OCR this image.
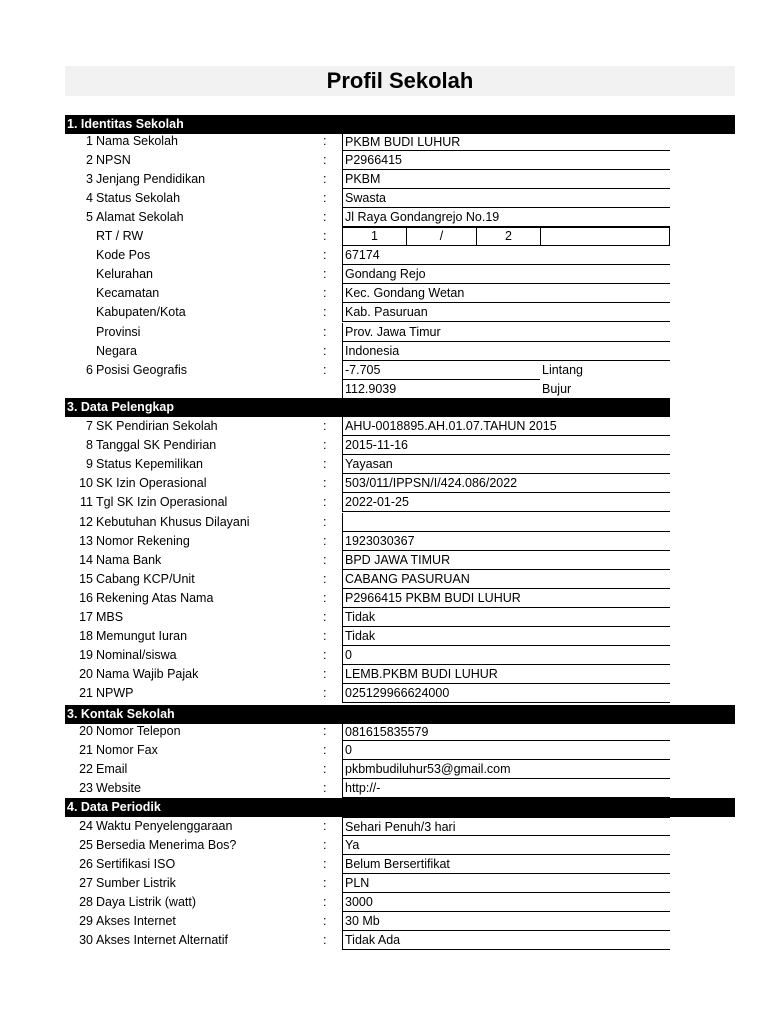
Profil Sekolah
1. Identitas Sekolah
1 Nama Sekolah	: PKBM BUDI LUHUR
2 NPSN	: P2966415
3 Jenjang Pendidikan	: PKBM
4 Status Sekolah	: Swasta
5 Alamat Sekolah	: Jl Raya Gondangrejo No.19
RT / RW	:	1	/	2
Kode Pos	: 67174
Kelurahan	: Gondang Rejo
Kecamatan	: Kec. Gondang Wetan
Kabupaten/Kota	: Kab. Pasuruan
Provinsi	: Prov. Jawa Timur
Negara	: Indonesia
6 Posisi Geografis	: -7.705	Lintang
112.9039	Bujur
3. Data Pelengkap
7 SK Pendirian Sekolah	: AHU-0018895.AH.01.07.TAHUN 2015
8 Tanggal SK Pendirian	: 2015-11-16
9 Status Kepemilikan	: Yayasan
10 SK Izin Operasional	: 503/011/IPPSN/I/424.086/2022
11 Tgl SK Izin Operasional	: 2022-01-25
12 Kebutuhan Khusus Dilayani	:
13 Nomor Rekening	: 1923030367
14 Nama Bank	: BPD JAWA TIMUR
15 Cabang KCP/Unit	: CABANG PASURUAN
16 Rekening Atas Nama	: P2966415 PKBM BUDI LUHUR
17 MBS	: Tidak
18 Memungut Iuran	: Tidak
19 Nominal/siswa	: 0
20 Nama Wajib Pajak	: LEMB.PKBM BUDI LUHUR
21 NPWP	: 025129966624000
3. Kontak Sekolah
20 Nomor Telepon	: 081615835579
21 Nomor Fax	: 0
22 Email	: pkbmbudiluhur53@gmail.com
23 Website	: http://-
4. Data Periodik
24 Waktu Penyelenggaraan	: Sehari Penuh/3 hari
25 Bersedia Menerima Bos?	: Ya
26 Sertifikasi ISO	: Belum Bersertifikat
27 Sumber Listrik	: PLN
28 Daya Listrik (watt)	: 3000
29 Akses Internet	: 30 Mb
30 Akses Internet Alternatif	: Tidak Ada
